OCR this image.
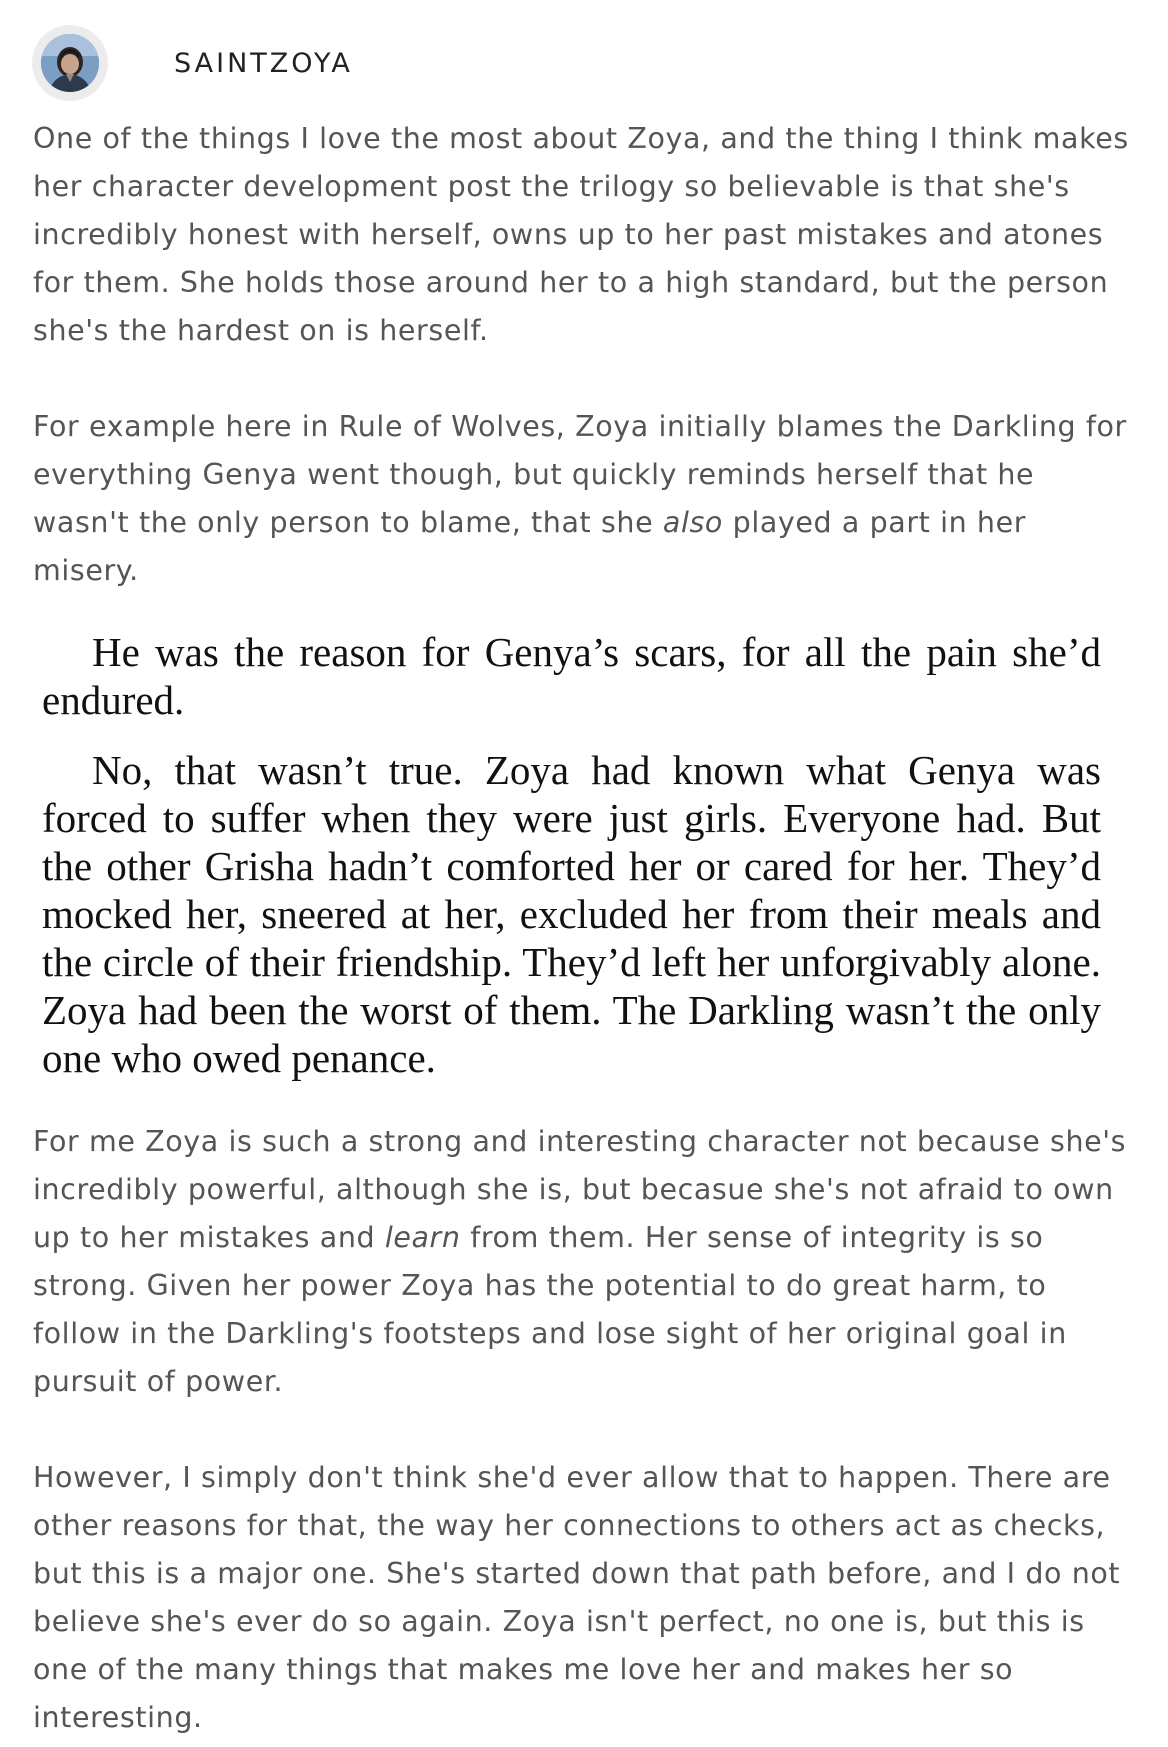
SAINTZOYA

One of the things I love the most about Zoya, and the thing I think makes her character development post the trilogy so believable is that she's incredibly honest with herself, owns up to her past mistakes and atones for them. She holds those around her to a high standard, but the person she's the hardest on is herself.

For example here in Rule of Wolves, Zoya initially blames the Darkling for everything Genya went though, but quickly reminds herself that he wasn't the only person to blame, that she also played a part in her misery.

He was the reason for Genya’s scars, for all the pain she’d endured.

No, that wasn’t true. Zoya had known what Genya was forced to suffer when they were just girls. Everyone had. But the other Grisha hadn’t comforted her or cared for her. They’d mocked her, sneered at her, excluded her from their meals and the circle of their friendship. They’d left her unforgivably alone. Zoya had been the worst of them. The Darkling wasn’t the only one who owed penance.

For me Zoya is such a strong and interesting character not because she's incredibly powerful, although she is, but becasue she's not afraid to own up to her mistakes and learn from them. Her sense of integrity is so strong. Given her power Zoya has the potential to do great harm, to follow in the Darkling's footsteps and lose sight of her original goal in pursuit of power.

However, I simply don't think she'd ever allow that to happen. There are other reasons for that, the way her connections to others act as checks, but this is a major one. She's started down that path before, and I do not believe she's ever do so again. Zoya isn't perfect, no one is, but this is one of the many things that makes me love her and makes her so interesting.
